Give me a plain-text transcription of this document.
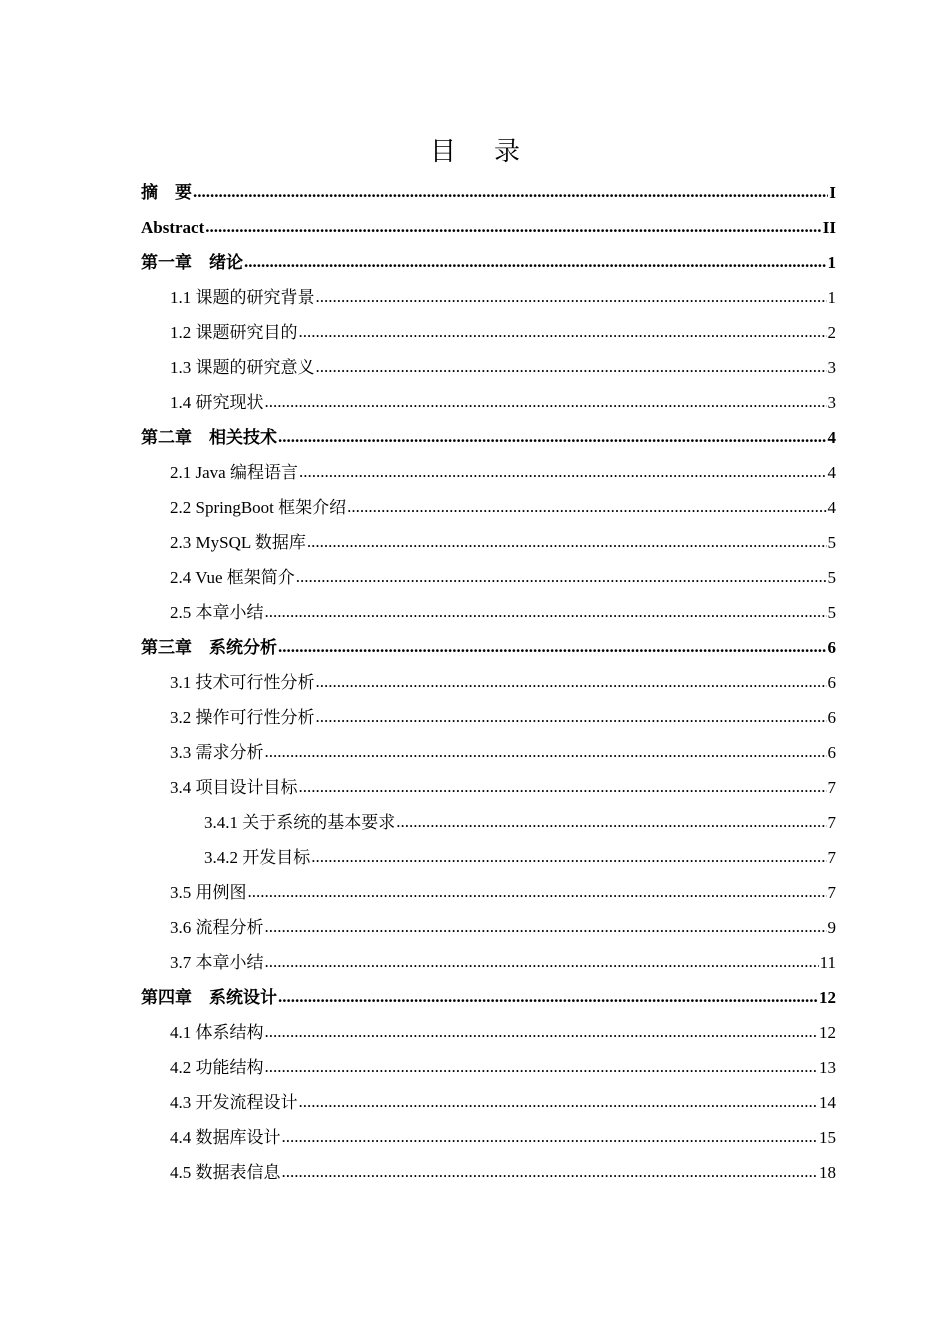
目录
摘　要 .....	I
Abstract .....	II
第一章　绪论 .....	1
1.1 课题的研究背景 .....	1
1.2 课题研究目的 .....	2
1.3 课题的研究意义 .....	3
1.4 研究现状 .....	3
第二章　相关技术 .....	4
2.1 Java 编程语言 .....	4
2.2 SpringBoot 框架介绍 .....	4
2.3 MySQL 数据库 .....	5
2.4 Vue 框架简介 .....	5
2.5 本章小结 .....	5
第三章　系统分析 .....	6
3.1 技术可行性分析 .....	6
3.2 操作可行性分析 .....	6
3.3 需求分析 .....	6
3.4 项目设计目标 .....	7
3.4.1 关于系统的基本要求 .....	7
3.4.2 开发目标 .....	7
3.5 用例图 .....	7
3.6 流程分析 .....	9
3.7 本章小结 .....	11
第四章　系统设计 .....	12
4.1 体系结构 .....	12
4.2 功能结构 .....	13
4.3 开发流程设计 .....	14
4.4 数据库设计 .....	15
4.5 数据表信息 .....	18
